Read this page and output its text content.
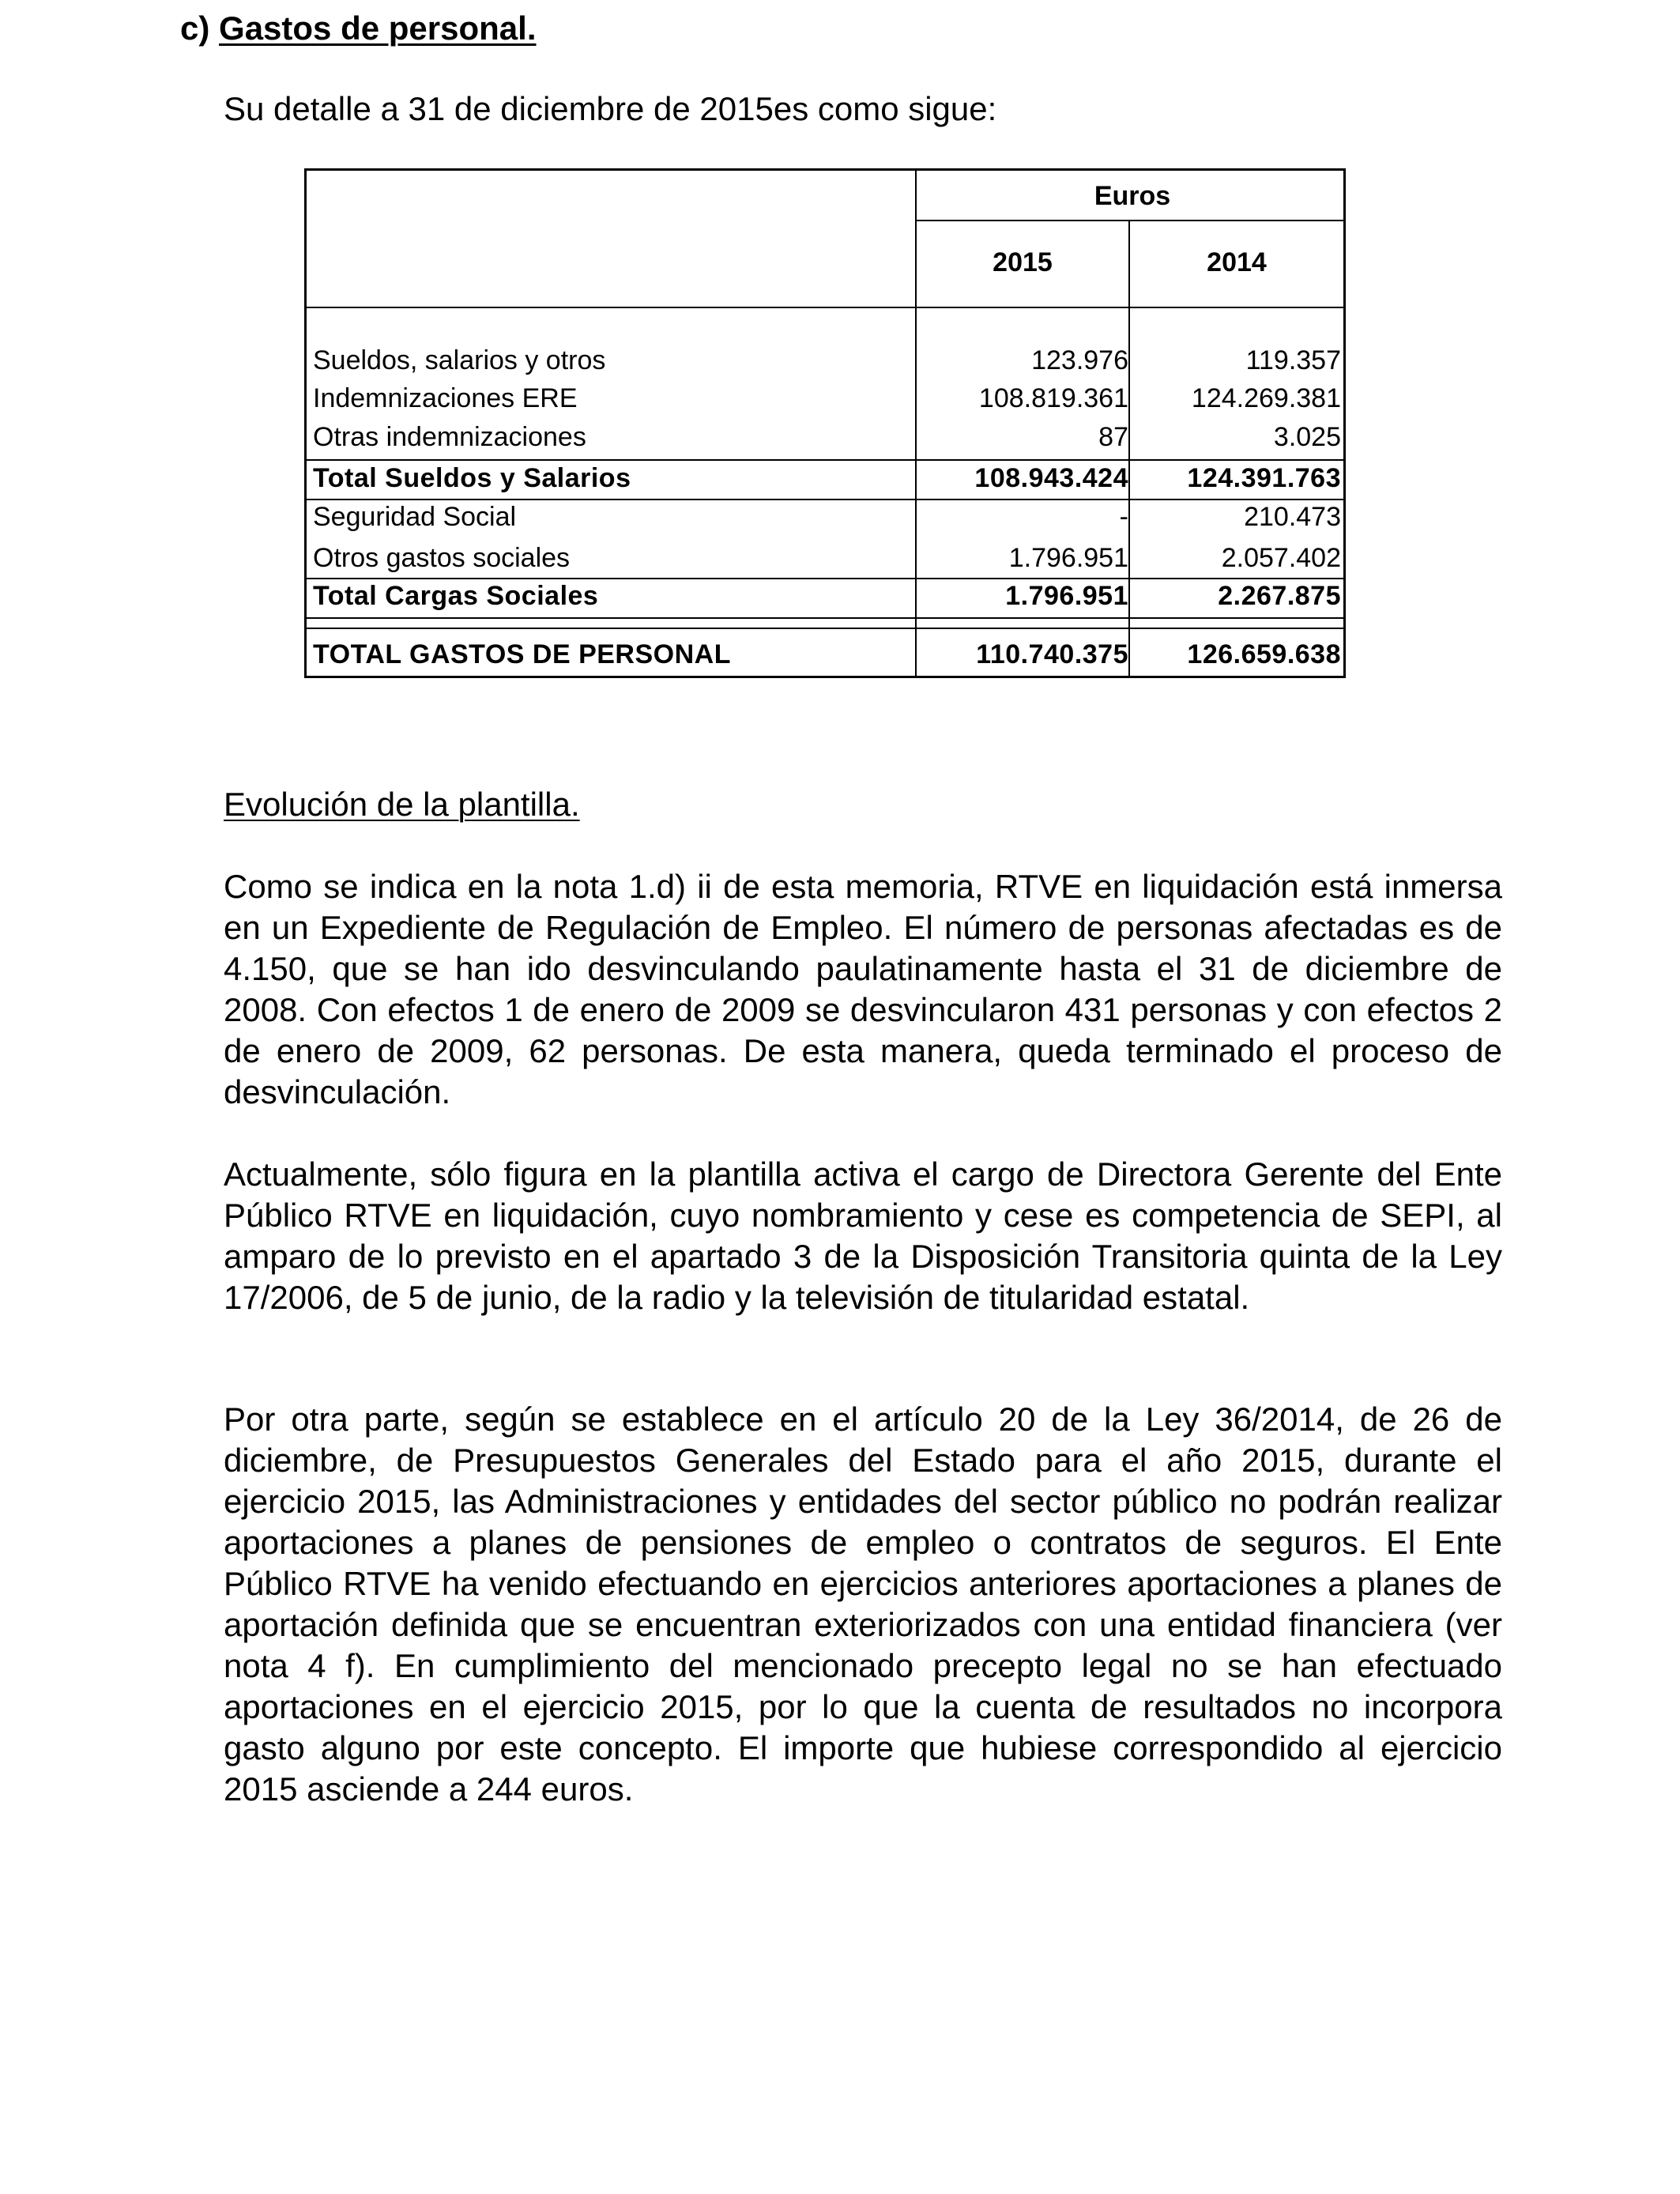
c) Gastos de personal.
Su detalle a 31 de diciembre de 2015es como sigue:
Euros
2015	2014
Sueldos, salarios y otros	123.976	119.357
Indemnizaciones ERE	108.819.361 124.269.381
Otras indemnizaciones	87	3.025
Total Sueldos y Salarios	108.943.424 124.391.763
Seguridad Social	-	210.473
Otros gastos sociales	1.796.951	2.057.402
Total Cargas Sociales	1.796.951	2.267.875
TOTAL GASTOS DE PERSONAL	110.740.375 126.659.638
Evolución de la plantilla.
Como se indica en la nota 1.d) ii de esta memoria, RTVE en liquidación está inmersa en un Expediente de Regulación de Empleo. El número de personas afectadas es de 4.150, que se han ido desvinculando paulatinamente hasta el 31 de diciembre de 2008. Con efectos 1 de enero de 2009 se desvincularon 431 personas y con efectos 2 de enero de 2009, 62 personas. De esta manera, queda terminado el proceso de desvinculación.
Actualmente, sólo figura en la plantilla activa el cargo de Directora Gerente del Ente Público RTVE en liquidación, cuyo nombramiento y cese es competencia de SEPI, al amparo de lo previsto en el apartado 3 de la Disposición Transitoria quinta de la Ley 17/2006, de 5 de junio, de la radio y la televisión de titularidad estatal.
Por otra parte, según se establece en el artículo 20 de la Ley 36/2014, de 26 de diciembre, de Presupuestos Generales del Estado para el año 2015, durante el ejercicio 2015, las Administraciones y entidades del sector público no podrán realizar aportaciones a planes de pensiones de empleo o contratos de seguros. El Ente Público RTVE ha venido efectuando en ejercicios anteriores aportaciones a planes de aportación definida que se encuentran exteriorizados con una entidad financiera (ver nota 4 f). En cumplimiento del mencionado precepto legal no se han efectuado aportaciones en el ejercicio 2015, por lo que la cuenta de resultados no incorpora gasto alguno por este concepto. El importe que hubiese correspondido al ejercicio 2015 asciende a 244 euros.
